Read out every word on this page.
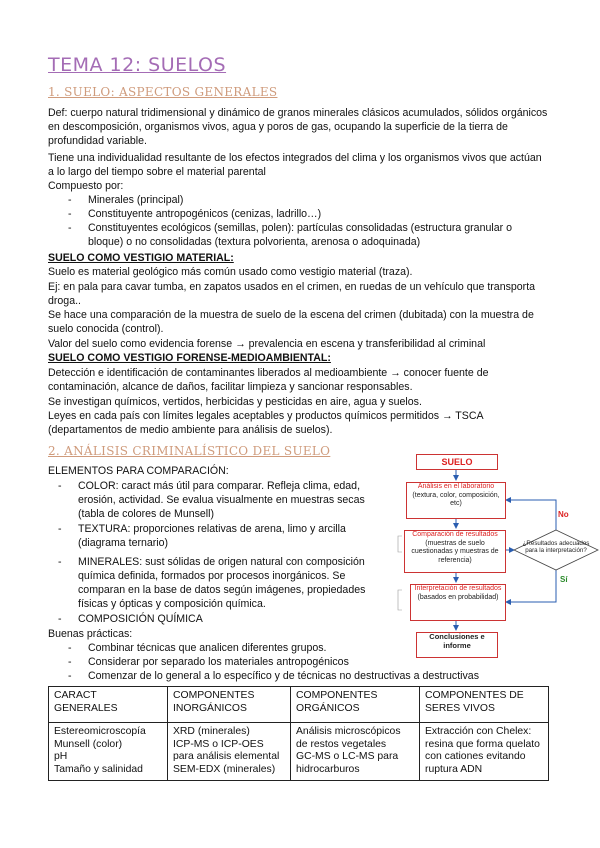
TEMA 12: SUELOS
1. SUELO: ASPECTOS GENERALES
Def: cuerpo natural tridimensional y dinámico de granos minerales clásicos acumulados, sólidos orgánicos en descomposición, organismos vivos, agua y poros de gas, ocupando la superficie de la tierra de profundidad variable.
Tiene una individualidad resultante de los efectos integrados del clima y los organismos vivos que actúan a lo largo del tiempo sobre el material parental
Compuesto por:
- Minerales (principal)
- Constituyente antropogénicos (cenizas, ladrillo…)
- Constituyentes ecológicos (semillas, polen): partículas consolidadas (estructura granular o bloque) o no consolidadas (textura polvorienta, arenosa o adoquinada)
SUELO COMO VESTIGIO MATERIAL:
Suelo es material geológico más común usado como vestigio material (traza).
Ej: en pala para cavar tumba, en zapatos usados en el crimen, en ruedas de un vehículo que transporta droga..
Se hace una comparación de la muestra de suelo de la escena del crimen (dubitada) con la muestra de suelo conocida (control).
Valor del suelo como evidencia forense → prevalencia en escena y transferibilidad al criminal
SUELO COMO VESTIGIO FORENSE-MEDIOAMBIENTAL:
Detección e identificación de contaminantes liberados al medioambiente → conocer fuente de contaminación, alcance de daños, facilitar limpieza y sancionar responsables.
Se investigan químicos, vertidos, herbicidas y pesticidas en aire, agua y suelos.
Leyes en cada país con límites legales aceptables y productos químicos permitidos → TSCA (departamentos de medio ambiente para análisis de suelos).
2. ANÁLISIS CRIMINALÍSTICO DEL SUELO
ELEMENTOS PARA COMPARACIÓN:
- COLOR: caract más útil para comparar. Refleja clima, edad, erosión, actividad. Se evalua visualmente en muestras secas (tabla de colores de Munsell)
- TEXTURA: proporciones relativas de arena, limo y arcilla (diagrama ternario)
- MINERALES: sust sólidas de origen natural con composición química definida, formados por procesos inorgánicos. Se comparan en la base de datos según imágenes, propiedades físicas y ópticas y composición química.
- COMPOSICIÓN QUÍMICA
Buenas prácticas:
- Combinar técnicas que analicen diferentes grupos.
- Considerar por separado los materiales antropogénicos
- Comenzar de lo general a lo específico y de técnicas no destructivas a destructivas
SUELO
Análisis en el laboratorio
(textura, color, composición, etc)
Comparación de resultados (muestras de suelo cuestionadas y muestras de referencia)
Interpretación de resultados (basados en probabilidad)
Conclusiones e informe
¿Resultados adecuados para la interpretación?
No
Sí
CARACT GENERALES	COMPONENTES INORGÁNICOS	COMPONENTES ORGÁNICOS	COMPONENTES DE SERES VIVOS
Estereomicroscopía
Munsell (color)
pH
Tamaño y salinidad	XRD (minerales)
ICP-MS o ICP-OES para análisis elemental
SEM-EDX (minerales)	Análisis microscópicos de restos vegetales
GC-MS o LC-MS para hidrocarburos	Extracción con Chelex: resina que forma quelato con cationes evitando ruptura ADN
